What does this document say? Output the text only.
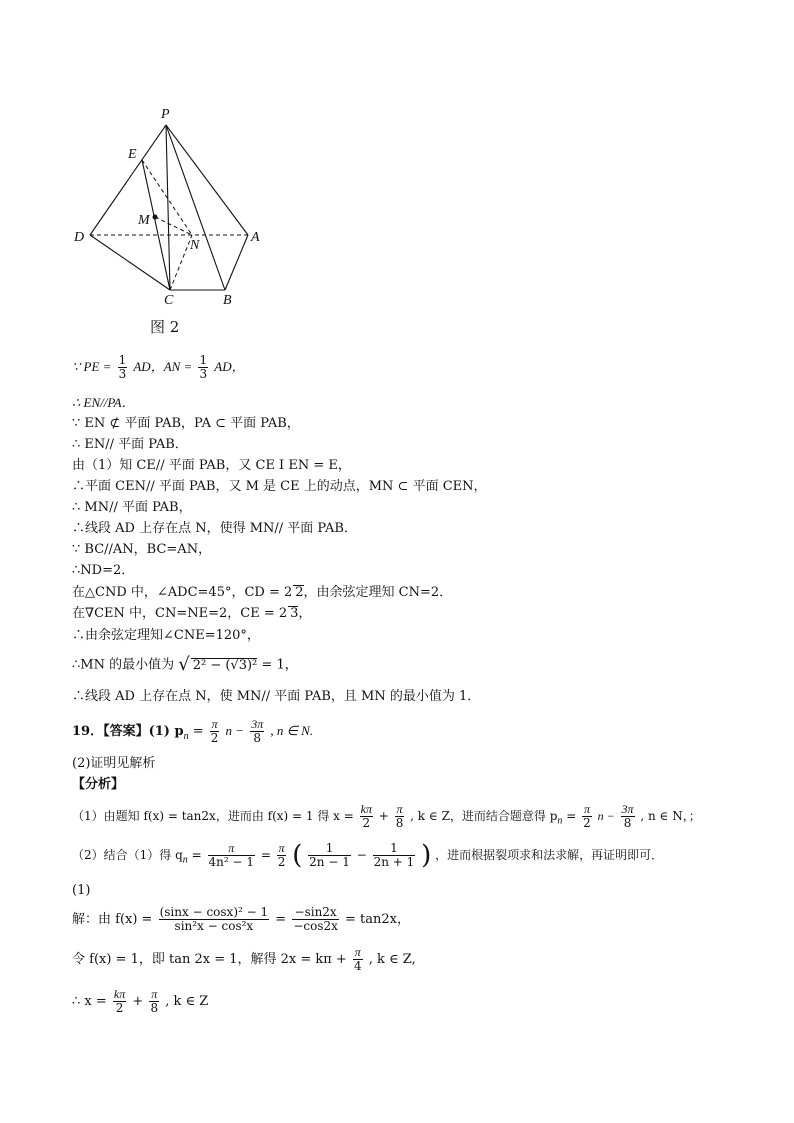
P
E
M
D
N
A
C	B
图 2
∵ PE = $\frac{1}{3}$ AD，AN = $\frac{1}{3}$ AD，
∴ EN//PA．
∵ EN ⊄ 平面 PAB，PA ⊂ 平面 PAB，
∴ EN// 平面 PAB．
由（1）知 CE// 平面 PAB，又 CE I EN = E，
∴平面 CEN// 平面 PAB，又 M 是 CE 上的动点，MN ⊂ 平面 CEN，
∴ MN// 平面 PAB，
∴线段 AD 上存在点 N，使得 MN// 平面 PAB．
∵ BC//AN，BC=AN，
∴ND=2．
在△CND 中，∠ADC=45°，CD = 2 2，由余弦定理知 CN=2．
在∇CEN 中，CN=NE=2，CE = 2 3，
∴由余弦定理知∠CNE=120°，
∴MN 的最小值为 √ 2² − (√3)² = 1，
∴线段 AD 上存在点 N，使 MN// 平面 PAB，且 MN 的最小值为 1．
19．【答案】(1) $p_n = \frac{\pi}{2}$ $n - \frac{3\pi}{8}$ , n ∈ N.
(2)证明见解析
【分析】
（1）由题知 f(x) = tan2x，进而由 f(x) = 1 得 $x = \frac{k\pi}{2} + \frac{\pi}{8}$ , k ∈ Z，进而结合题意得 $p_n = \frac{\pi}{2}$ $n - \frac{3\pi}{8}$ , n ∈ N，；
（2）结合（1）得 $q_n = \frac{\pi}{\text{4n² − 1}} = \frac{\pi}{2}$ ( $\frac{1}{2n - 1} - \frac{1}{2n + 1}$ ) ，进而根据裂项求和法求解，再证明即可．
(1)
解：由 $f(x) = \frac{\text{(sinx − cosx)² − 1}}{\text{sin²x − cos²x}} = \frac{-\sin 2x}{-\cos 2x} = \tan 2x$，
令 f(x) = 1，即 tan 2x = 1，解得 $2x = k\pi + \frac{\pi}{4}$ , k ∈ Z,
∴ $x = \frac{k\pi}{2} + \frac{\pi}{8}$ , k ∈ Z
